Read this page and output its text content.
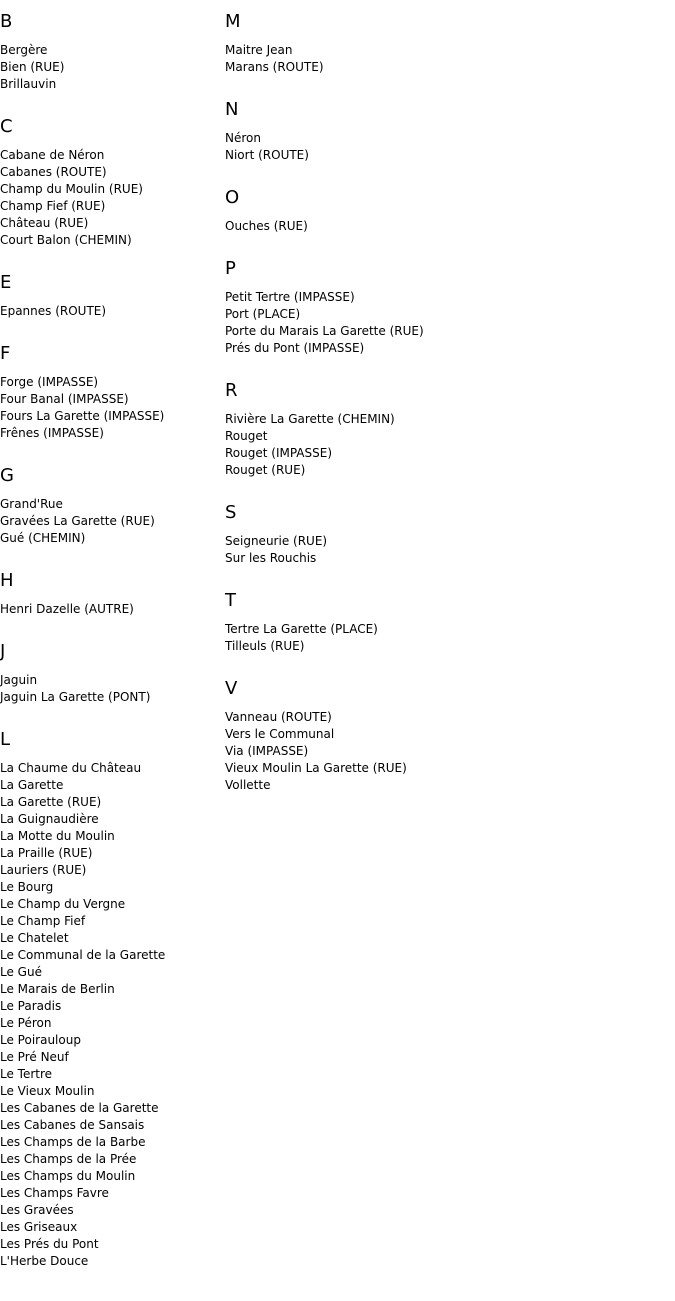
B
Bergère
Bien (RUE)
Brillauvin
C
Cabane de Néron
Cabanes (ROUTE)
Champ du Moulin (RUE)
Champ Fief (RUE)
Château (RUE)
Court Balon (CHEMIN)
E
Epannes (ROUTE)
F
Forge (IMPASSE)
Four Banal (IMPASSE)
Fours La Garette (IMPASSE)
Frênes (IMPASSE)
G
Grand'Rue
Gravées La Garette (RUE)
Gué (CHEMIN)
H
Henri Dazelle (AUTRE)
J
Jaguin
Jaguin La Garette (PONT)
L
La Chaume du Château
La Garette
La Garette (RUE)
La Guignaudière
La Motte du Moulin
La Praille (RUE)
Lauriers (RUE)
Le Bourg
Le Champ du Vergne
Le Champ Fief
Le Chatelet
Le Communal de la Garette
Le Gué
Le Marais de Berlin
Le Paradis
Le Péron
Le Poirauloup
Le Pré Neuf
Le Tertre
Le Vieux Moulin
Les Cabanes de la Garette
Les Cabanes de Sansais
Les Champs de la Barbe
Les Champs de la Prée
Les Champs du Moulin
Les Champs Favre
Les Gravées
Les Griseaux
Les Prés du Pont
L'Herbe Douce
M
Maitre Jean
Marans (ROUTE)
N
Néron
Niort (ROUTE)
O
Ouches (RUE)
P
Petit Tertre (IMPASSE)
Port (PLACE)
Porte du Marais La Garette (RUE)
Prés du Pont (IMPASSE)
R
Rivière La Garette (CHEMIN)
Rouget
Rouget (IMPASSE)
Rouget (RUE)
S
Seigneurie (RUE)
Sur les Rouchis
T
Tertre La Garette (PLACE)
Tilleuls (RUE)
V
Vanneau (ROUTE)
Vers le Communal
Via (IMPASSE)
Vieux Moulin La Garette (RUE)
Vollette
